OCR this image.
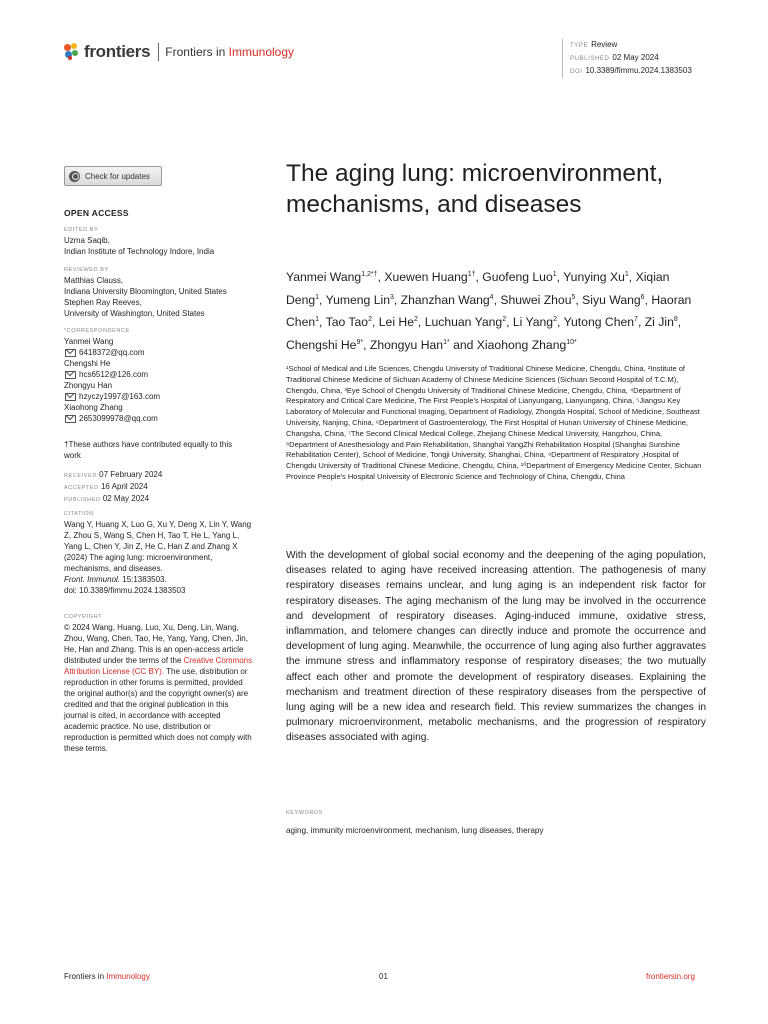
frontiers Frontiers in Immunology	TYPE Review
PUBLISHED 02 May 2024
DOI 10.3389/fimmu.2024.1383503
Check for updates
OPEN ACCESS
EDITED BY
Uzma Saqib,
Indian Institute of Technology Indore, India
REVIEWED BY
Matthias Clauss,
Indiana University Bloomington, United States
Stephen Ray Reeves,
University of Washington, United States
*CORRESPONDENCE
Yanmei Wang
6418372@qq.com
Chengshi He
hcs6512@126.com
Zhongyu Han
hzyczy1997@163.com
Xiaohong Zhang
2653099978@qq.com
†These authors have contributed equally to this work
RECEIVED 07 February 2024
ACCEPTED 16 April 2024
PUBLISHED 02 May 2024
CITATION
Wang Y, Huang X, Luo G, Xu Y, Deng X, Lin Y, Wang Z, Zhou S, Wang S, Chen H, Tao T, He L, Yang L, Yang L, Chen Y, Jin Z, He C, Han Z and Zhang X (2024) The aging lung: microenvironment, mechanisms, and diseases.
Front. Immunol. 15:1383503.
doi: 10.3389/fimmu.2024.1383503
COPYRIGHT
© 2024 Wang, Huang, Luo, Xu, Deng, Lin, Wang, Zhou, Wang, Chen, Tao, He, Yang, Yang, Chen, Jin, He, Han and Zhang. This is an open-access article distributed under the terms of the Creative Commons Attribution License (CC BY). The use, distribution or reproduction in other forums is permitted, provided the original author(s) and the copyright owner(s) are credited and that the original publication in this journal is cited, in accordance with accepted academic practice. No use, distribution or reproduction is permitted which does not comply with these terms.
The aging lung: microenvironment, mechanisms, and diseases
Yanmei Wang$^{1,2*\dagger}$, Xuewen Huang$^{1\dagger}$, Guofeng Luo$^1$, Yunying Xu$^1$, Xiqian Deng$^1$, Yumeng Lin$^3$, Zhanzhan Wang$^4$, Shuwei Zhou$^5$, Siyu Wang$^6$, Haoran Chen$^1$, Tao Tao$^2$, Lei He$^2$, Luchuan Yang$^2$, Li Yang$^2$, Yutong Chen$^7$, Zi Jin$^8$, Chengshi $He^{9*}$, Zhongyu Han$^{1*}$ and Xiaohong Zhang$^{10*}$
¹School of Medical and Life Sciences, Chengdu University of Traditional Chinese Medicine, Chengdu, China, ²Institute of Traditional Chinese Medicine of Sichuan Academy of Chinese Medicine Sciences (Sichuan Second Hospital of T.C.M), Chengdu, China, ³Eye School of Chengdu University of Traditional Chinese Medicine, Chengdu, China, ⁴Department of Respiratory and Critical Care Medicine, The First People's Hospital of Lianyungang, Lianyungang, China, ⁵Jiangsu Key Laboratory of Molecular and Functional Imaging, Department of Radiology, Zhongda Hospital, School of Medicine, Southeast University, Nanjing, China, ⁶Department of Gastroenterology, The First Hospital of Hunan University of Chinese Medicine, Changsha, China, ⁷The Second Clinical Medical College, Zhejiang Chinese Medical University, Hangzhou, China, ⁸Department of Anesthesiology and Pain Rehabilitation, Shanghai YangZhi Rehabilitation Hospital (Shanghai Sunshine Rehabilitation Center), School of Medicine, Tongji University, Shanghai, China, ⁹Department of Respiratory ,Hospital of Chengdu University of Traditional Chinese Medicine, Chengdu, China, ¹⁰Department of Emergency Medicine Center, Sichuan Province People's Hospital University of Electronic Science and Technology of China, Chengdu, China
With the development of global social economy and the deepening of the aging population, diseases related to aging have received increasing attention. The pathogenesis of many respiratory diseases remains unclear, and lung aging is an independent risk factor for respiratory diseases. The aging mechanism of the lung may be involved in the occurrence and development of respiratory diseases. Aging-induced immune, oxidative stress, inflammation, and telomere changes can directly induce and promote the occurrence and development of lung aging. Meanwhile, the occurrence of lung aging also further aggravates the immune stress and inflammatory response of respiratory diseases; the two mutually affect each other and promote the development of respiratory diseases. Explaining the mechanism and treatment direction of these respiratory diseases from the perspective of lung aging will be a new idea and research field. This review summarizes the changes in pulmonary microenvironment, metabolic mechanisms, and the progression of respiratory diseases associated with aging.
KEYWORDS
aging, immunity microenvironment, mechanism, lung diseases, therapy
Frontiers in Immunology	01	frontiersin.org
